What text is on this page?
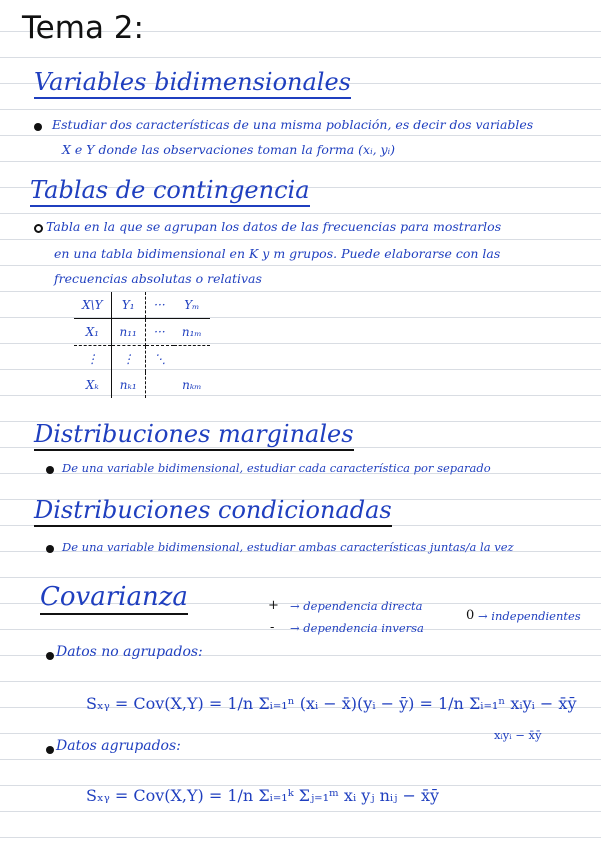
Tema 2:
Variables bidimensionales
Estudiar dos características de una misma población, es decir dos variables
X e Y donde las observaciones toman la forma (xᵢ, yᵢ)
Tablas de contingencia
Tabla en la que se agrupan los datos de las frecuencias para mostrarlos
en una tabla bidimensional en K y m grupos. Puede elaborarse con las
frecuencias absolutas o relativas
X\Y	Y₁	···	Yₘ
X₁	n₁₁	···	n₁ₘ
⋮	⋮	⋱	
Xₖ	nₖ₁		nₖₘ
Distribuciones marginales
De una variable bidimensional, estudiar cada característica por separado
Distribuciones condicionadas
De una variable bidimensional, estudiar ambas características juntas/a la vez
Covarianza	+ → dependencia directa
- → dependencia inversa
0 → independientes
Datos no agrupados:
Sₓᵧ = Cov(X,Y) = 1/n Σᵢ₌₁ⁿ (xᵢ − x̄)(yᵢ − ȳ) = 1/n Σᵢ₌₁ⁿ xᵢyᵢ − x̄ȳ
xᵢyᵢ − x̄ȳ
Datos agrupados:
Sₓᵧ = Cov(X,Y) = 1/n Σᵢ₌₁ᵏ Σⱼ₌₁ᵐ xᵢ yⱼ nᵢⱼ − x̄ȳ
